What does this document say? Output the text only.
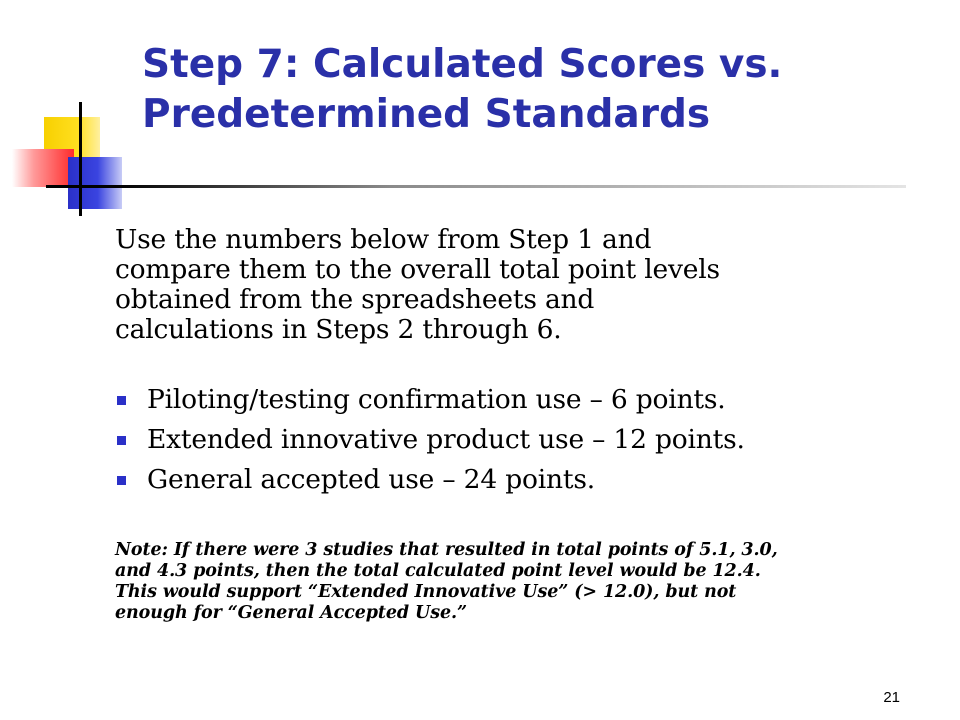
Step 7: Calculated Scores vs.
Predetermined Standards

Use the numbers below from Step 1 and
compare them to the overall total point levels
obtained from the spreadsheets and
calculations in Steps 2 through 6.

Piloting/testing confirmation use – 6 points.
Extended innovative product use – 12 points.
General accepted use – 24 points.

Note: If there were 3 studies that resulted in total points of 5.1, 3.0,
and 4.3 points, then the total calculated point level would be 12.4.
This would support “Extended Innovative Use” (> 12.0), but not
enough for “General Accepted Use.”

21
